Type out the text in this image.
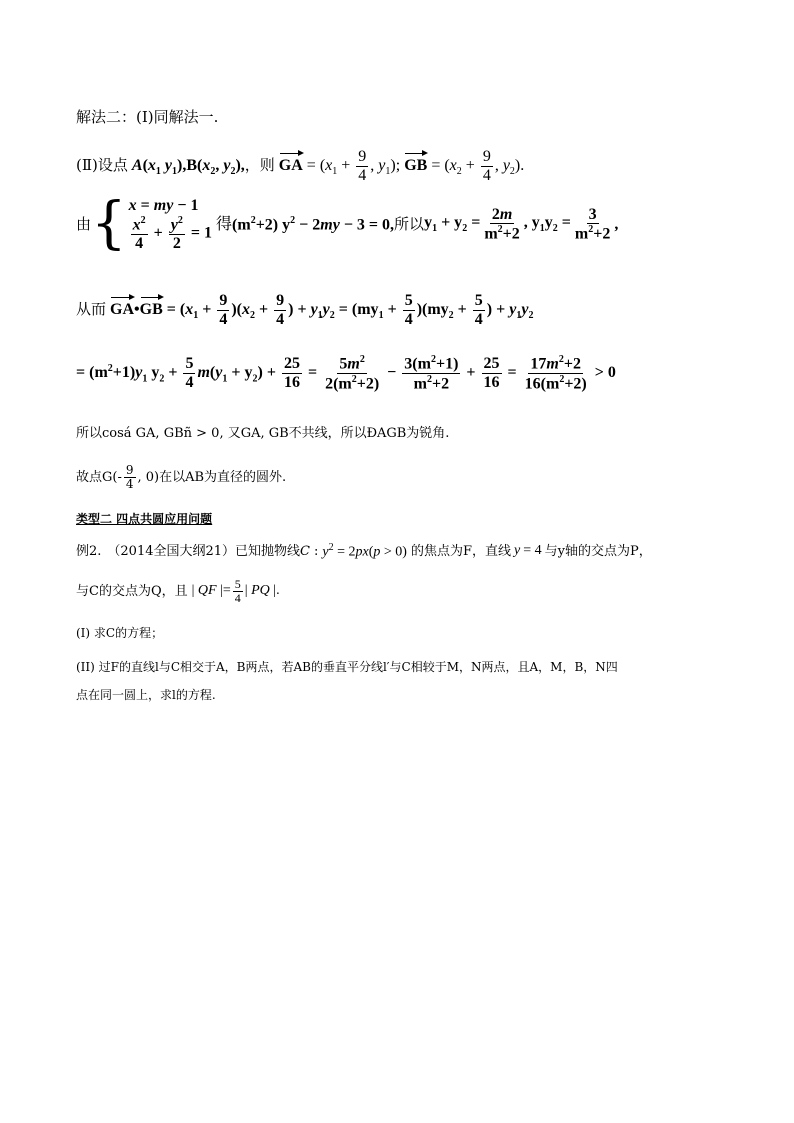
解法二：(Ⅰ)同解法一.
(Ⅱ)设点 $A(x_1$ $y_1),B(x_2$, $y_2$),，则 GA = ($x_1 + \frac{9}{4}$ , $y_1$); GB = ($x_2 + \frac{9}{4}$ , $y_2$).
由 { x = my − 1
$\frac{x^2}{4} + \frac{y^2}{2} = 1$
得 $(m^2+2) y^2 - 2my - 3 = 0$, 所以 $y_1 + y_2 = \frac{2m}{m^2+2}$ , $y_1y_2 = \frac{3}{m^2+2}$ ,
从而 GA•GB = $(x_1 + \frac{9}{4} )(x_2 + \frac{9}{4}$ ) + $y_1y_2 = (my_1 + \frac{5}{4} )(my_2 + \frac{5}{4}$ ) + $y_1y_2$
= $(m^2+1)y_1$ $y_2 + \frac{5}{4} m(y_1 + y_2) + \frac{25}{16} = \frac{5m^2}{2(m^2+2)} - \frac{3(m^2+1)}{m^2+2} + \frac{25}{16} = \frac{17m^2+2}{16(m^2+2)} > 0$
所以cosá GA, GBñ > 0, 又GA, GB不共线，所以ÐAGB为锐角.
故点$G(- \frac{9}{4}$ , 0)在以AB为直径的圆外.
类型二 四点共圆应用问题
例2. （2014全国大纲21）已知抛物线 C : $y^2 = 2px(p > 0)$ 的焦点为F，直线 y = 4 与y轴的交点为P，
与C的交点为Q，且 | QF |= $\frac{5}{4}$ | PQ |.
(I) 求C的方程；
(II) 过F的直线l与C相交于A，B两点，若AB的垂直平分线l′与C相较于M，N两点，且A，M，B，N四
点在同一圆上，求l的方程.
